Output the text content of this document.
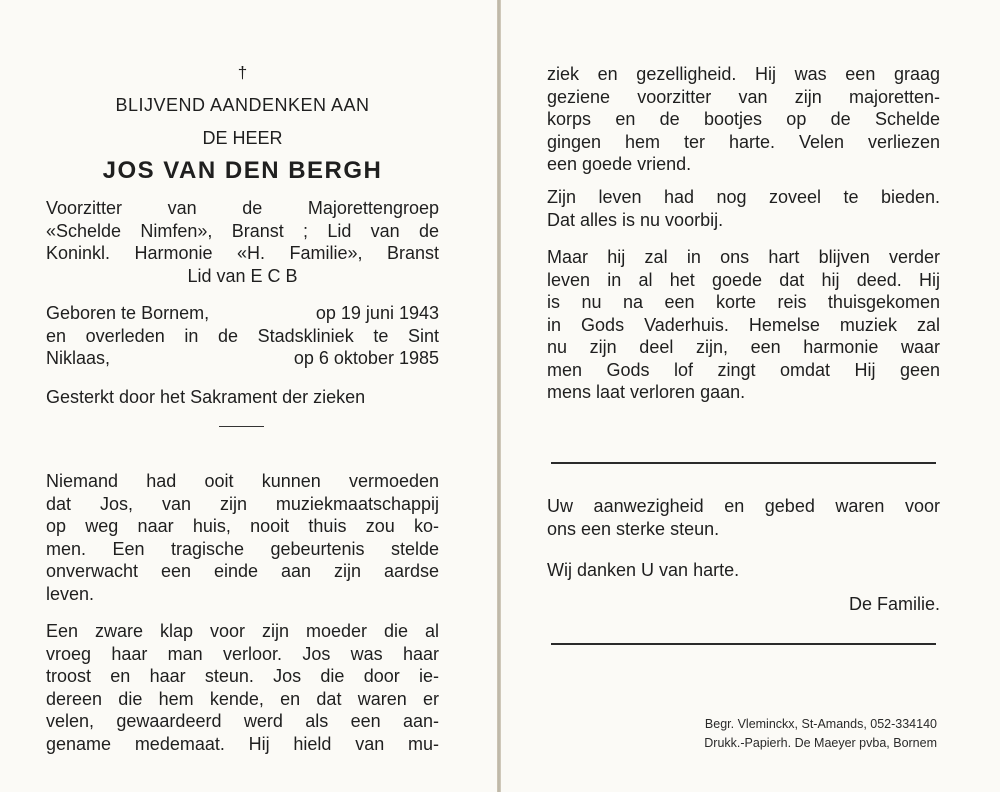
†
BLIJVEND AANDENKEN AAN
DE HEER
JOS VAN DEN BERGH
Voorzitter van de Majorettengroep
«Schelde Nimfen», Branst ; Lid van de
Koninkl. Harmonie «H. Familie», Branst
Lid van E C B
Geboren te Bornem,	op 19 juni 1943
en overleden in de Stadskliniek te Sint
Niklaas,	op 6 oktober 1985
Gesterkt door het Sakrament der zieken
Niemand had ooit kunnen vermoeden
dat Jos, van zijn muziekmaatschappij
op weg naar huis, nooit thuis zou ko-
men. Een tragische gebeurtenis stelde
onverwacht een einde aan zijn aardse
leven.
Een zware klap voor zijn moeder die al
vroeg haar man verloor. Jos was haar
troost en haar steun. Jos die door ie-
dereen die hem kende, en dat waren er
velen, gewaardeerd werd als een aan-
gename medemaat. Hij hield van mu-
ziek en gezelligheid. Hij was een graag
geziene voorzitter van zijn majoretten-
korps en de bootjes op de Schelde
gingen hem ter harte. Velen verliezen
een goede vriend.
Zijn leven had nog zoveel te bieden.
Dat alles is nu voorbij.
Maar hij zal in ons hart blijven verder
leven in al het goede dat hij deed. Hij
is nu na een korte reis thuisgekomen
in Gods Vaderhuis. Hemelse muziek zal
nu zijn deel zijn, een harmonie waar
men Gods lof zingt omdat Hij geen
mens laat verloren gaan.
Uw aanwezigheid en gebed waren voor
ons een sterke steun.
Wij danken U van harte.
De Familie.
Begr. Vleminckx, St-Amands, 052-334140
Drukk.-Papierh. De Maeyer pvba, Bornem
